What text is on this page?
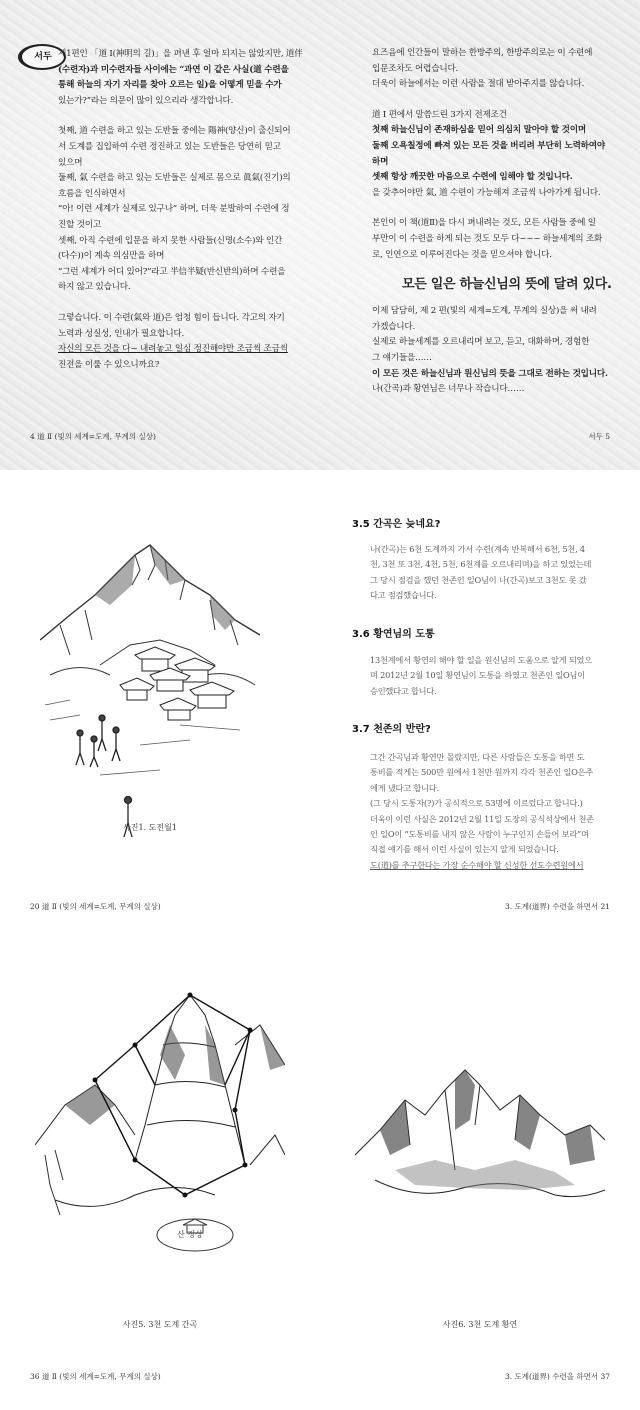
서두 제1편인 「道 I(神明의 길)」을 펴낸 후 얼마 되지는 않았지만, 道伴

(수련자)과 미수련자들 사이에는 “과연 이 같은 사실(道 수련을

통해 하늘의 자기 자리를 찾아 오르는 일)을 어떻게 믿을 수가

있는가?”라는 의문이 많이 있으리라 생각합니다.

첫째, 道 수련을 하고 있는 도반들 중에는 陽神(양신)이 출신되어

서 도계를 집입하여 수련 정진하고 있는 도반들은 당연히 믿고

있으며

둘째, 氣 수련을 하고 있는 도반들은 실제로 몸으로 眞氣(진기)의

흐름을 인식하면서

“아! 이런 세계가 실제로 있구나” 하며, 더욱 분발하여 수련에 정

진할 것이고

셋째, 아직 수련에 입문을 하지 못한 사람들(신명(소수)와 인간

(다수))이 계속 의심만을 하며

“그런 세계가 어디 있어?”라고 半信半疑(반신반의)하며 수련을

하지 않고 있습니다.

그렇습니다. 이 수련(氣와 道)은 엄청 힘이 듭니다. 각고의 자기

노력과 성실성, 인내가 필요합니다.

자신의 모든 것을 다~ 내려놓고 일심 정진해야만 조금씩 조금씩

진전을 이룰 수 있으니까요?

4 道 Ⅱ (빛의 세계=도계, 무계의 실상)

요즈음에 인간들이 말하는 한방주의, 한방주의로는 이 수련에

입문조차도 어렵습니다.

더욱이 하늘에서는 이런 사람을 절대 받아주지를 않습니다.

道 I 편에서 말씀드린 3가지 전제조건

첫째 하늘신님이 존재하심을 믿어 의심치 말아야 할 것이며

둘째 오욕칠정에 빠져 있는 모든 것을 버리려 부단히 노력하여야

하며

셋째 항상 깨끗한 마음으로 수련에 임해야 할 것입니다.

을 갖추어야만 氣, 道 수련이 가능해져 조금씩 나아가게 됩니다.

본인이 이 책(道Ⅱ)을 다시 펴내려는 것도, 모든 사람들 중에 일

부만이 이 수련을 하게 되는 것도 모두 다~~~ 하늘세계의 조화

로, 인연으로 이루어진다는 것을 믿으셔야 합니다.

모든 일은 하늘신님의 뜻에 달려 있다.

이제 담담히, 제 2 편(빛의 세계=도계, 무계의 실상)을 써 내려

가겠습니다.

실제로 하늘세계를 오르내리며 보고, 듣고, 대화하며, 경험한

그 얘기들을……

이 모든 것은 하늘신님과 원신님의 뜻을 그대로 전하는 것입니다.

나(간곡)과 황연님은 너무나 작습니다……

서두 5
사진1. 도전월1
20 道 Ⅱ (빛의 세계=도계, 무계의 실상)
3.5 간곡은 늦네요?

나(간곡)는 6천 도계까지 가서 수련(계속 반복해서 6천, 5천, 4

천, 3천 또 3천, 4천, 5천, 6천계를 오르내리며)을 하고 있었는데

그 당시 점검을 했던 천존인 일O님이 나(간곡)보고 3천도 못 갔

다고 점검했습니다.

3.6 황연님의 도통

13천계에서 황연의 해야 할 일을 원신님의 도움으로 알게 되었으

며 2012년 2월 10일 황연님이 도통을 하였고 천존인 일O님이

승인했다고 합니다.

3.7 천존의 반란?

그간 간곡님과 황연만 몰랐지만, 다른 사람들은 도통을 하면 도

통비를 적게는 500만 원에서 1천만 원까지 각각 천존인 일O은주

에게 냈다고 합니다.

(그 당시 도통자(?)가 공식적으로 53명에 이르렀다고 합니다.)

더욱이 이런 사실은 2012년 2월 11일 도장의 공식석상에서 천존

인 일O이 “도통비를 내지 않은 사람이 누구인지 손들어 보라”며

직접 얘기를 해서 이런 사실이 있는지 알게 되었습니다.

도(道)를 추구한다는 가장 순수해야 할 신성한 선도수련원에서

3. 도계(道界) 수련을 하면서 21
산 정상
사진5. 3천 도계 간곡
36 道 Ⅱ (빛의 세계=도계, 무계의 실상)
사진6. 3천 도계 황연
3. 도계(道界) 수련을 하면서 37
